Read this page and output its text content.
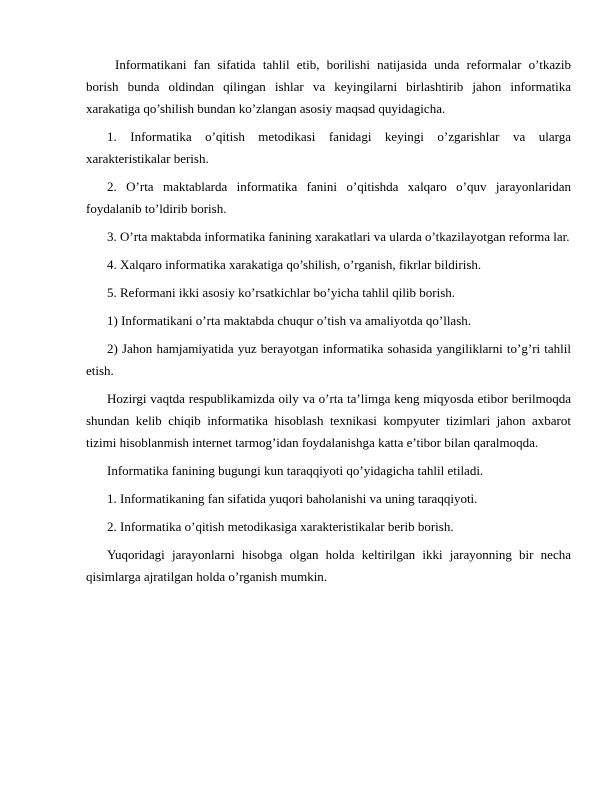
Informatikani fan sifatida tahlil etib, borilishi natijasida unda reformalar o’tkazib borish bunda oldindan qilingan ishlar va keyingilarni birlashtirib jahon informatika xarakatiga qo’shilish bundan ko’zlangan asosiy maqsad quyidagicha.

1. Informatika o’qitish metodikasi fanidagi keyingi o’zgarishlar va ularga xarakteristikalar berish.

2. O’rta maktablarda informatika fanini o’qitishda xalqaro o’quv jarayonlaridan foydalanib to’ldirib borish.

3. O’rta maktabda informatika fanining xarakatlari va ularda o’tkazilayotgan reforma lar.

4. Xalqaro informatika xarakatiga qo’shilish, o’rganish, fikrlar bildirish.

5. Reformani ikki asosiy ko’rsatkichlar bo’yicha tahlil qilib borish.

1) Informatikani o’rta maktabda chuqur o’tish va amaliyotda qo’llash.

2) Jahon hamjamiyatida yuz berayotgan informatika sohasida yangiliklarni to’g’ri tahlil etish.

Hozirgi vaqtda respublikamizda oily va o’rta ta’limga keng miqyosda etibor berilmoqda shundan kelib chiqib informatika hisoblash texnikasi kompyuter tizimlari jahon axbarot tizimi hisoblanmish internet tarmog’idan foydalanishga katta e’tibor bilan qaralmoqda.

Informatika fanining bugungi kun taraqqiyoti qo’yidagicha tahlil etiladi.

1. Informatikaning fan sifatida yuqori baholanishi va uning taraqqiyoti.

2. Informatika o’qitish metodikasiga xarakteristikalar berib borish.

Yuqoridagi jarayonlarni hisobga olgan holda keltirilgan ikki jarayonning bir necha qisimlarga ajratilgan holda o’rganish mumkin.
